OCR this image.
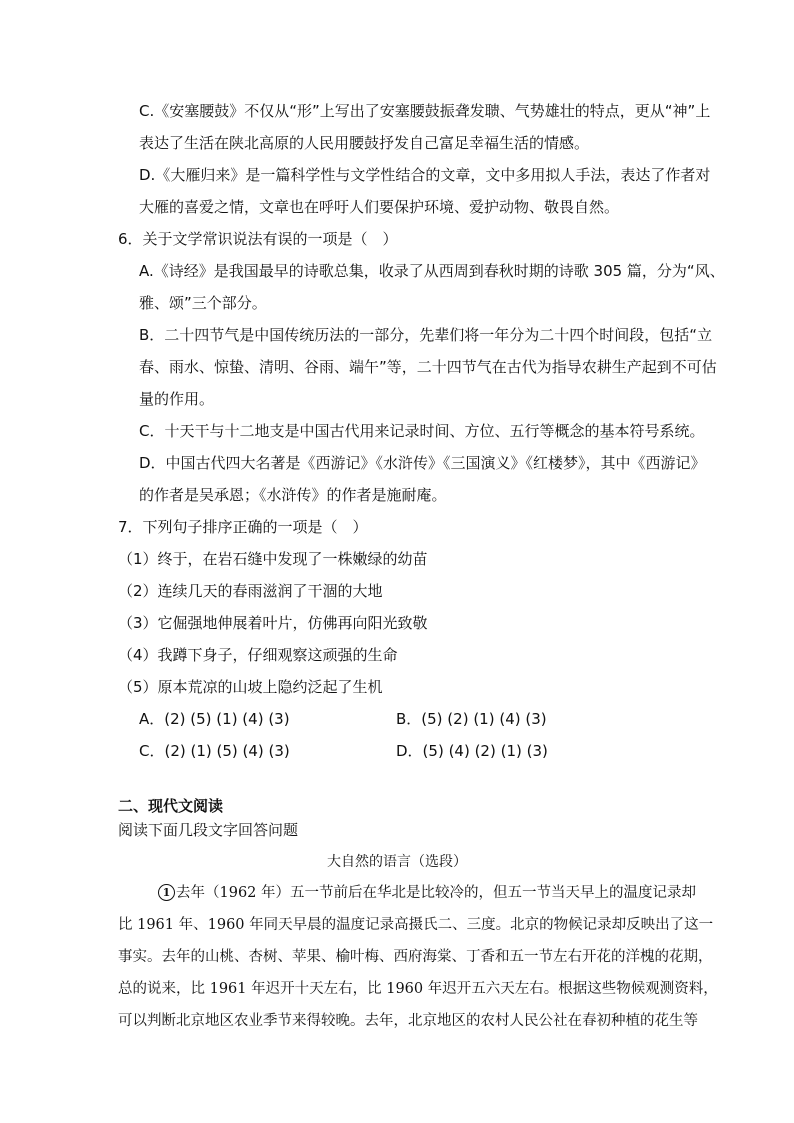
C.《安塞腰鼓》不仅从“形”上写出了安塞腰鼓振聋发聩、气势雄壮的特点，更从“神”上
表达了生活在陕北高原的人民用腰鼓抒发自己富足幸福生活的情感。
D.《大雁归来》是一篇科学性与文学性结合的文章，文中多用拟人手法，表达了作者对
大雁的喜爱之情，文章也在呼吁人们要保护环境、爱护动物、敬畏自然。
6．关于文学常识说法有误的一项是（　）
A.《诗经》是我国最早的诗歌总集，收录了从西周到春秋时期的诗歌 305 篇，分为“风、
雅、颂”三个部分。
B．二十四节气是中国传统历法的一部分，先辈们将一年分为二十四个时间段，包括“立
春、雨水、惊蛰、清明、谷雨、端午”等，二十四节气在古代为指导农耕生产起到不可估
量的作用。
C．十天干与十二地支是中国古代用来记录时间、方位、五行等概念的基本符号系统。
D．中国古代四大名著是《西游记》《水浒传》《三国演义》《红楼梦》，其中《西游记》
的作者是吴承恩；《水浒传》的作者是施耐庵。
7．下列句子排序正确的一项是（　）
（1）终于，在岩石缝中发现了一株嫩绿的幼苗
（2）连续几天的春雨滋润了干涸的大地
（3）它倔强地伸展着叶片，仿佛再向阳光致敬
（4）我蹲下身子，仔细观察这顽强的生命
（5）原本荒凉的山坡上隐约泛起了生机
A．(2) (5) (1) (4) (3)	B．(5) (2) (1) (4) (3)
C．(2) (1) (5) (4) (3)	D．(5) (4) (2) (1) (3)
二、现代文阅读
阅读下面几段文字回答问题
大自然的语言（选段）
1 去年（1962 年）五一节前后在华北是比较冷的，但五一节当天早上的温度记录却
比 1961 年、1960 年同天早晨的温度记录高摄氏二、三度。北京的物候记录却反映出了这一
事实。去年的山桃、杏树、苹果、榆叶梅、西府海棠、丁香和五一节左右开花的洋槐的花期，
总的说来，比 1961 年迟开十天左右，比 1960 年迟开五六天左右。根据这些物候观测资料，
可以判断北京地区农业季节来得较晚。去年，北京地区的农村人民公社在春初种植的花生等
